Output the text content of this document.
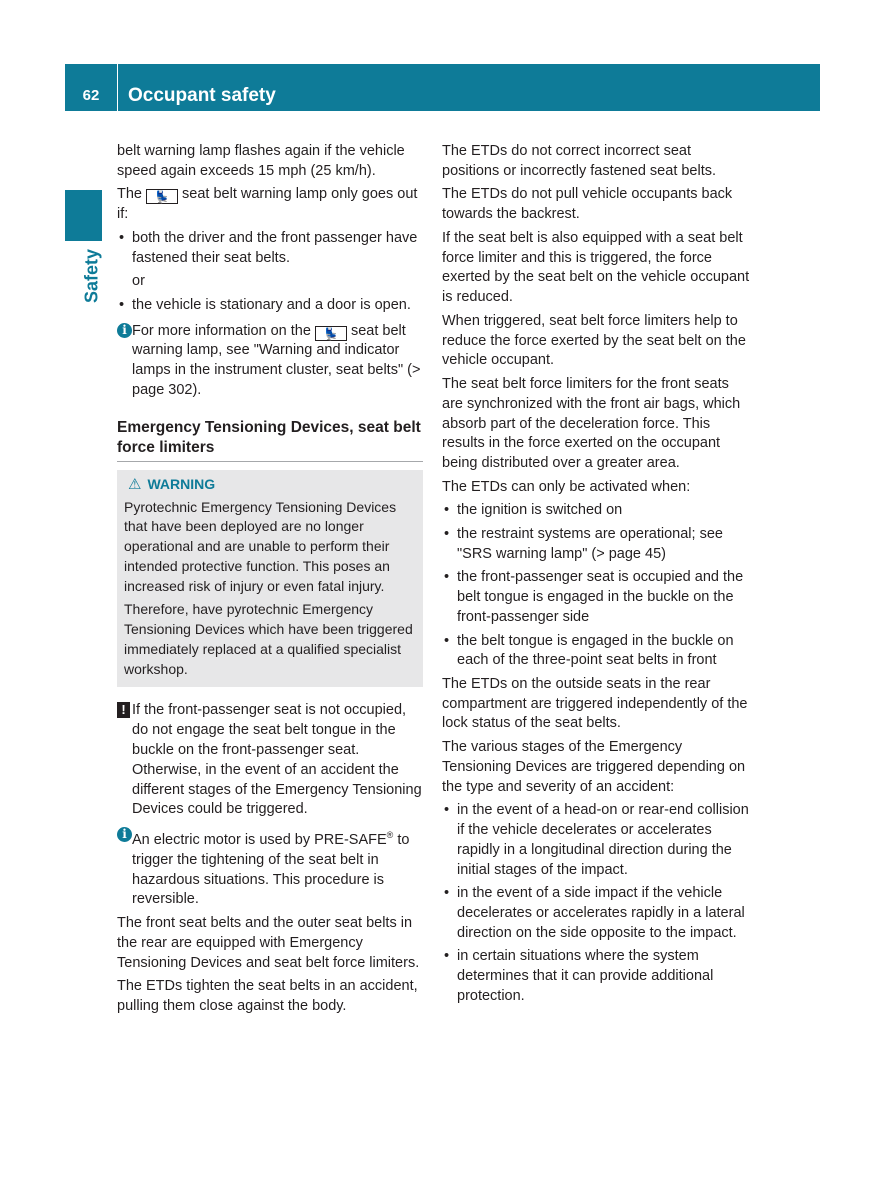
62	Occupant safety
Safety

belt warning lamp flashes again if the vehicle speed again exceeds 15 mph (25 km/h).

The 💺 seat belt warning lamp only goes out if:

• both the driver and the front passenger have fastened their seat belts.
or
• the vehicle is stationary and a door is open.
i For more information on the 💺 seat belt warning lamp, see "Warning and indicator lamps in the instrument cluster, seat belts" (> page 302).
Emergency Tensioning Devices, seat belt force limiters
⚠ WARNING

Pyrotechnic Emergency Tensioning Devices that have been deployed are no longer operational and are unable to perform their intended protective function. This poses an increased risk of injury or even fatal injury.

Therefore, have pyrotechnic Emergency Tensioning Devices which have been triggered immediately replaced at a qualified specialist workshop.

! If the front-passenger seat is not occupied, do not engage the seat belt tongue in the buckle on the front-passenger seat. Otherwise, in the event of an accident the different stages of the Emergency Tensioning Devices could be triggered.
i An electric motor is used by PRE-SAFE® to trigger the tightening of the seat belt in hazardous situations. This procedure is reversible.

The front seat belts and the outer seat belts in the rear are equipped with Emergency Tensioning Devices and seat belt force limiters.

The ETDs tighten the seat belts in an accident, pulling them close against the body.

The ETDs do not correct incorrect seat positions or incorrectly fastened seat belts.

The ETDs do not pull vehicle occupants back towards the backrest.

If the seat belt is also equipped with a seat belt force limiter and this is triggered, the force exerted by the seat belt on the vehicle occupant is reduced.

When triggered, seat belt force limiters help to reduce the force exerted by the seat belt on the vehicle occupant.

The seat belt force limiters for the front seats are synchronized with the front air bags, which absorb part of the deceleration force. This results in the force exerted on the occupant being distributed over a greater area.

The ETDs can only be activated when:

• the ignition is switched on
• the restraint systems are operational; see "SRS warning lamp" (> page 45)
• the front-passenger seat is occupied and the belt tongue is engaged in the buckle on the front-passenger side
• the belt tongue is engaged in the buckle on each of the three-point seat belts in front

The ETDs on the outside seats in the rear compartment are triggered independently of the lock status of the seat belts.

The various stages of the Emergency Tensioning Devices are triggered depending on the type and severity of an accident:

• in the event of a head-on or rear-end collision if the vehicle decelerates or accelerates rapidly in a longitudinal direction during the initial stages of the impact.
• in the event of a side impact if the vehicle decelerates or accelerates rapidly in a lateral direction on the side opposite to the impact.
• in certain situations where the system determines that it can provide additional protection.
